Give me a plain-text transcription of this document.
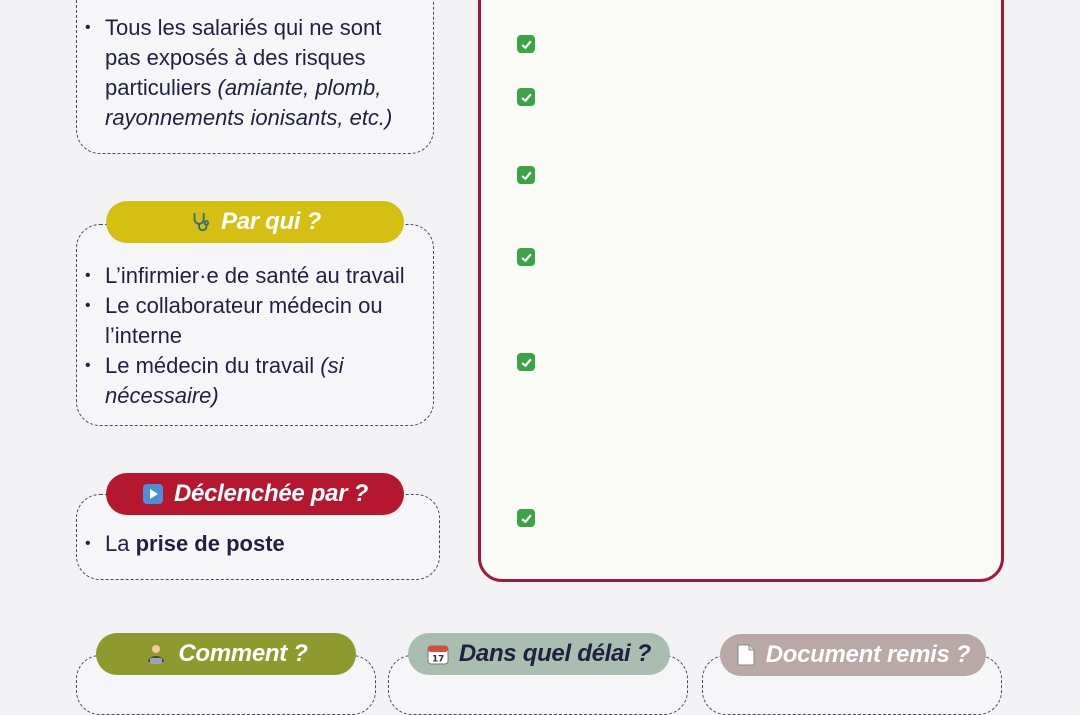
• Tous les salariés qui ne sont pas exposés à des risques particuliers (amiante, plomb, rayonnements ionisants, etc.)
• L’infirmier·e de santé au travail
• Le collaborateur médecin ou l’interne
• Le médecin du travail (si nécessaire)
Par qui ?
• La prise de poste
Déclenchée par ?
Comment ?	17 Dans quel délai ?	Document remis ?
